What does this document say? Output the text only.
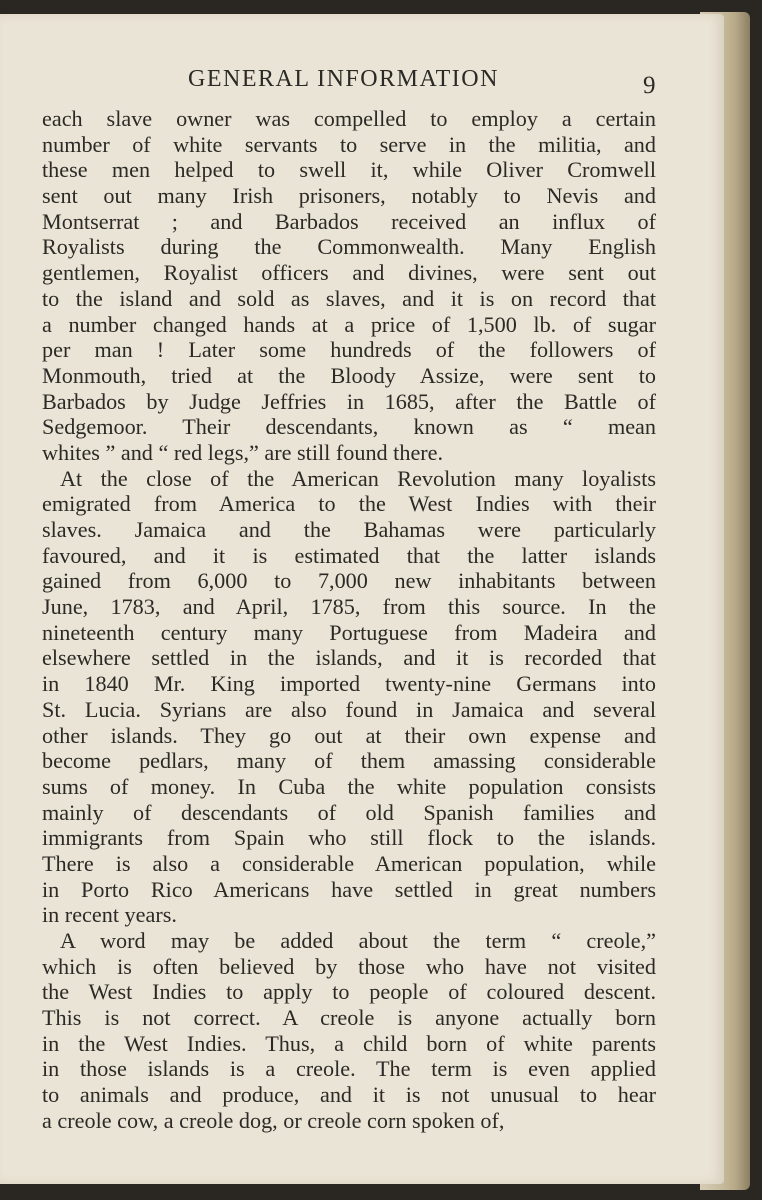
GENERAL INFORMATION	9
each slave owner was compelled to employ a certain
number of white servants to serve in the militia, and
these men helped to swell it, while Oliver Cromwell
sent out many Irish prisoners, notably to Nevis and
Montserrat ; and Barbados received an influx of
Royalists during the Commonwealth. Many English
gentlemen, Royalist officers and divines, were sent out
to the island and sold as slaves, and it is on record that
a number changed hands at a price of 1,500 lb. of sugar
per man ! Later some hundreds of the followers of
Monmouth, tried at the Bloody Assize, were sent to
Barbados by Judge Jeffries in 1685, after the Battle of
Sedgemoor. Their descendants, known as “ mean
whites ” and “ red legs,” are still found there.
At the close of the American Revolution many loyalists
emigrated from America to the West Indies with their
slaves. Jamaica and the Bahamas were particularly
favoured, and it is estimated that the latter islands
gained from 6,000 to 7,000 new inhabitants between
June, 1783, and April, 1785, from this source. In the
nineteenth century many Portuguese from Madeira and
elsewhere settled in the islands, and it is recorded that
in 1840 Mr. King imported twenty-nine Germans into
St. Lucia. Syrians are also found in Jamaica and several
other islands. They go out at their own expense and
become pedlars, many of them amassing considerable
sums of money. In Cuba the white population consists
mainly of descendants of old Spanish families and
immigrants from Spain who still flock to the islands.
There is also a considerable American population, while
in Porto Rico Americans have settled in great numbers
in recent years.
A word may be added about the term “ creole,”
which is often believed by those who have not visited
the West Indies to apply to people of coloured descent.
This is not correct. A creole is anyone actually born
in the West Indies. Thus, a child born of white parents
in those islands is a creole. The term is even applied
to animals and produce, and it is not unusual to hear
a creole cow, a creole dog, or creole corn spoken of,
